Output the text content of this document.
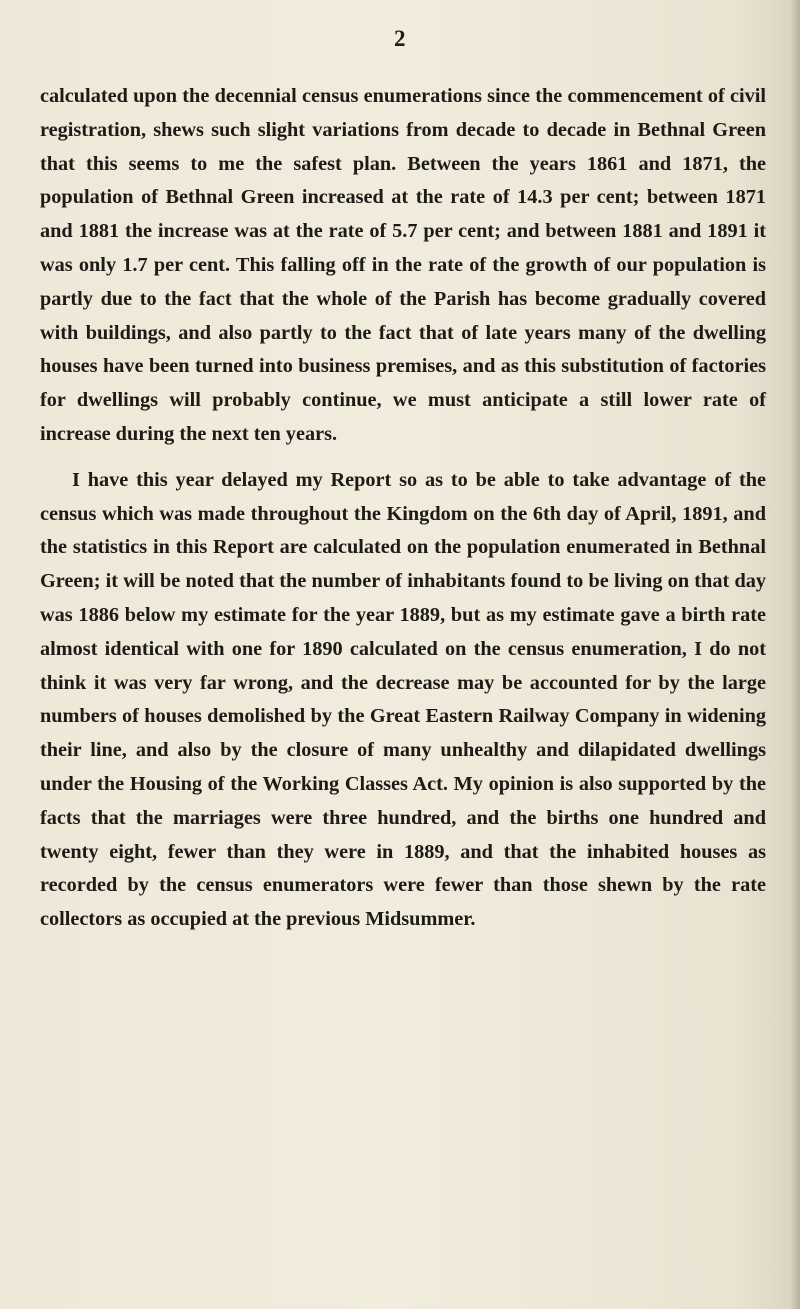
2

calculated upon the decennial census enumerations since the commencement of civil registration, shews such slight variations from decade to decade in Bethnal Green that this seems to me the safest plan. Between the years 1861 and 1871, the population of Bethnal Green increased at the rate of 14.3 per cent; between 1871 and 1881 the increase was at the rate of 5.7 per cent; and between 1881 and 1891 it was only 1.7 per cent. This falling off in the rate of the growth of our population is partly due to the fact that the whole of the Parish has become gradually covered with buildings, and also partly to the fact that of late years many of the dwelling houses have been turned into business premises, and as this substitution of factories for dwellings will probably continue, we must anticipate a still lower rate of increase during the next ten years.

I have this year delayed my Report so as to be able to take advantage of the census which was made throughout the Kingdom on the 6th day of April, 1891, and the statistics in this Report are calculated on the population enumerated in Bethnal Green; it will be noted that the number of inhabitants found to be living on that day was 1886 below my estimate for the year 1889, but as my estimate gave a birth rate almost identical with one for 1890 calculated on the census enumeration, I do not think it was very far wrong, and the decrease may be accounted for by the large numbers of houses demolished by the Great Eastern Railway Company in widening their line, and also by the closure of many unhealthy and dilapidated dwellings under the Housing of the Working Classes Act. My opinion is also supported by the facts that the marriages were three hundred, and the births one hundred and twenty eight, fewer than they were in 1889, and that the inhabited houses as recorded by the census enumerators were fewer than those shewn by the rate collectors as occupied at the previous Midsummer.
